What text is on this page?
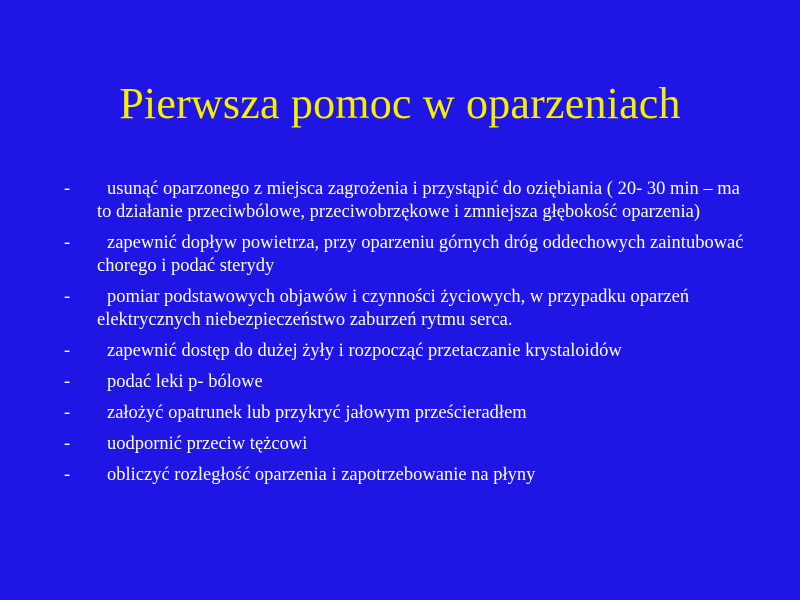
Pierwsza pomoc w oparzeniach
-	usunąć oparzonego z miejsca zagrożenia i przystąpić do oziębiania ( 20- 30 min – ma to działanie przeciwbólowe, przeciwobrzękowe i zmniejsza głębokość oparzenia)
-	zapewnić dopływ powietrza, przy oparzeniu górnych dróg oddechowych zaintubować chorego i podać sterydy
-	pomiar podstawowych objawów i czynności życiowych, w przypadku oparzeń elektrycznych niebezpieczeństwo zaburzeń rytmu serca.
-	zapewnić dostęp do dużej żyły i rozpocząć przetaczanie krystaloidów
-	podać leki p- bólowe
-	założyć opatrunek lub przykryć jałowym prześcieradłem
-	uodpornić przeciw tężcowi
-	obliczyć rozległość oparzenia i zapotrzebowanie na płyny
